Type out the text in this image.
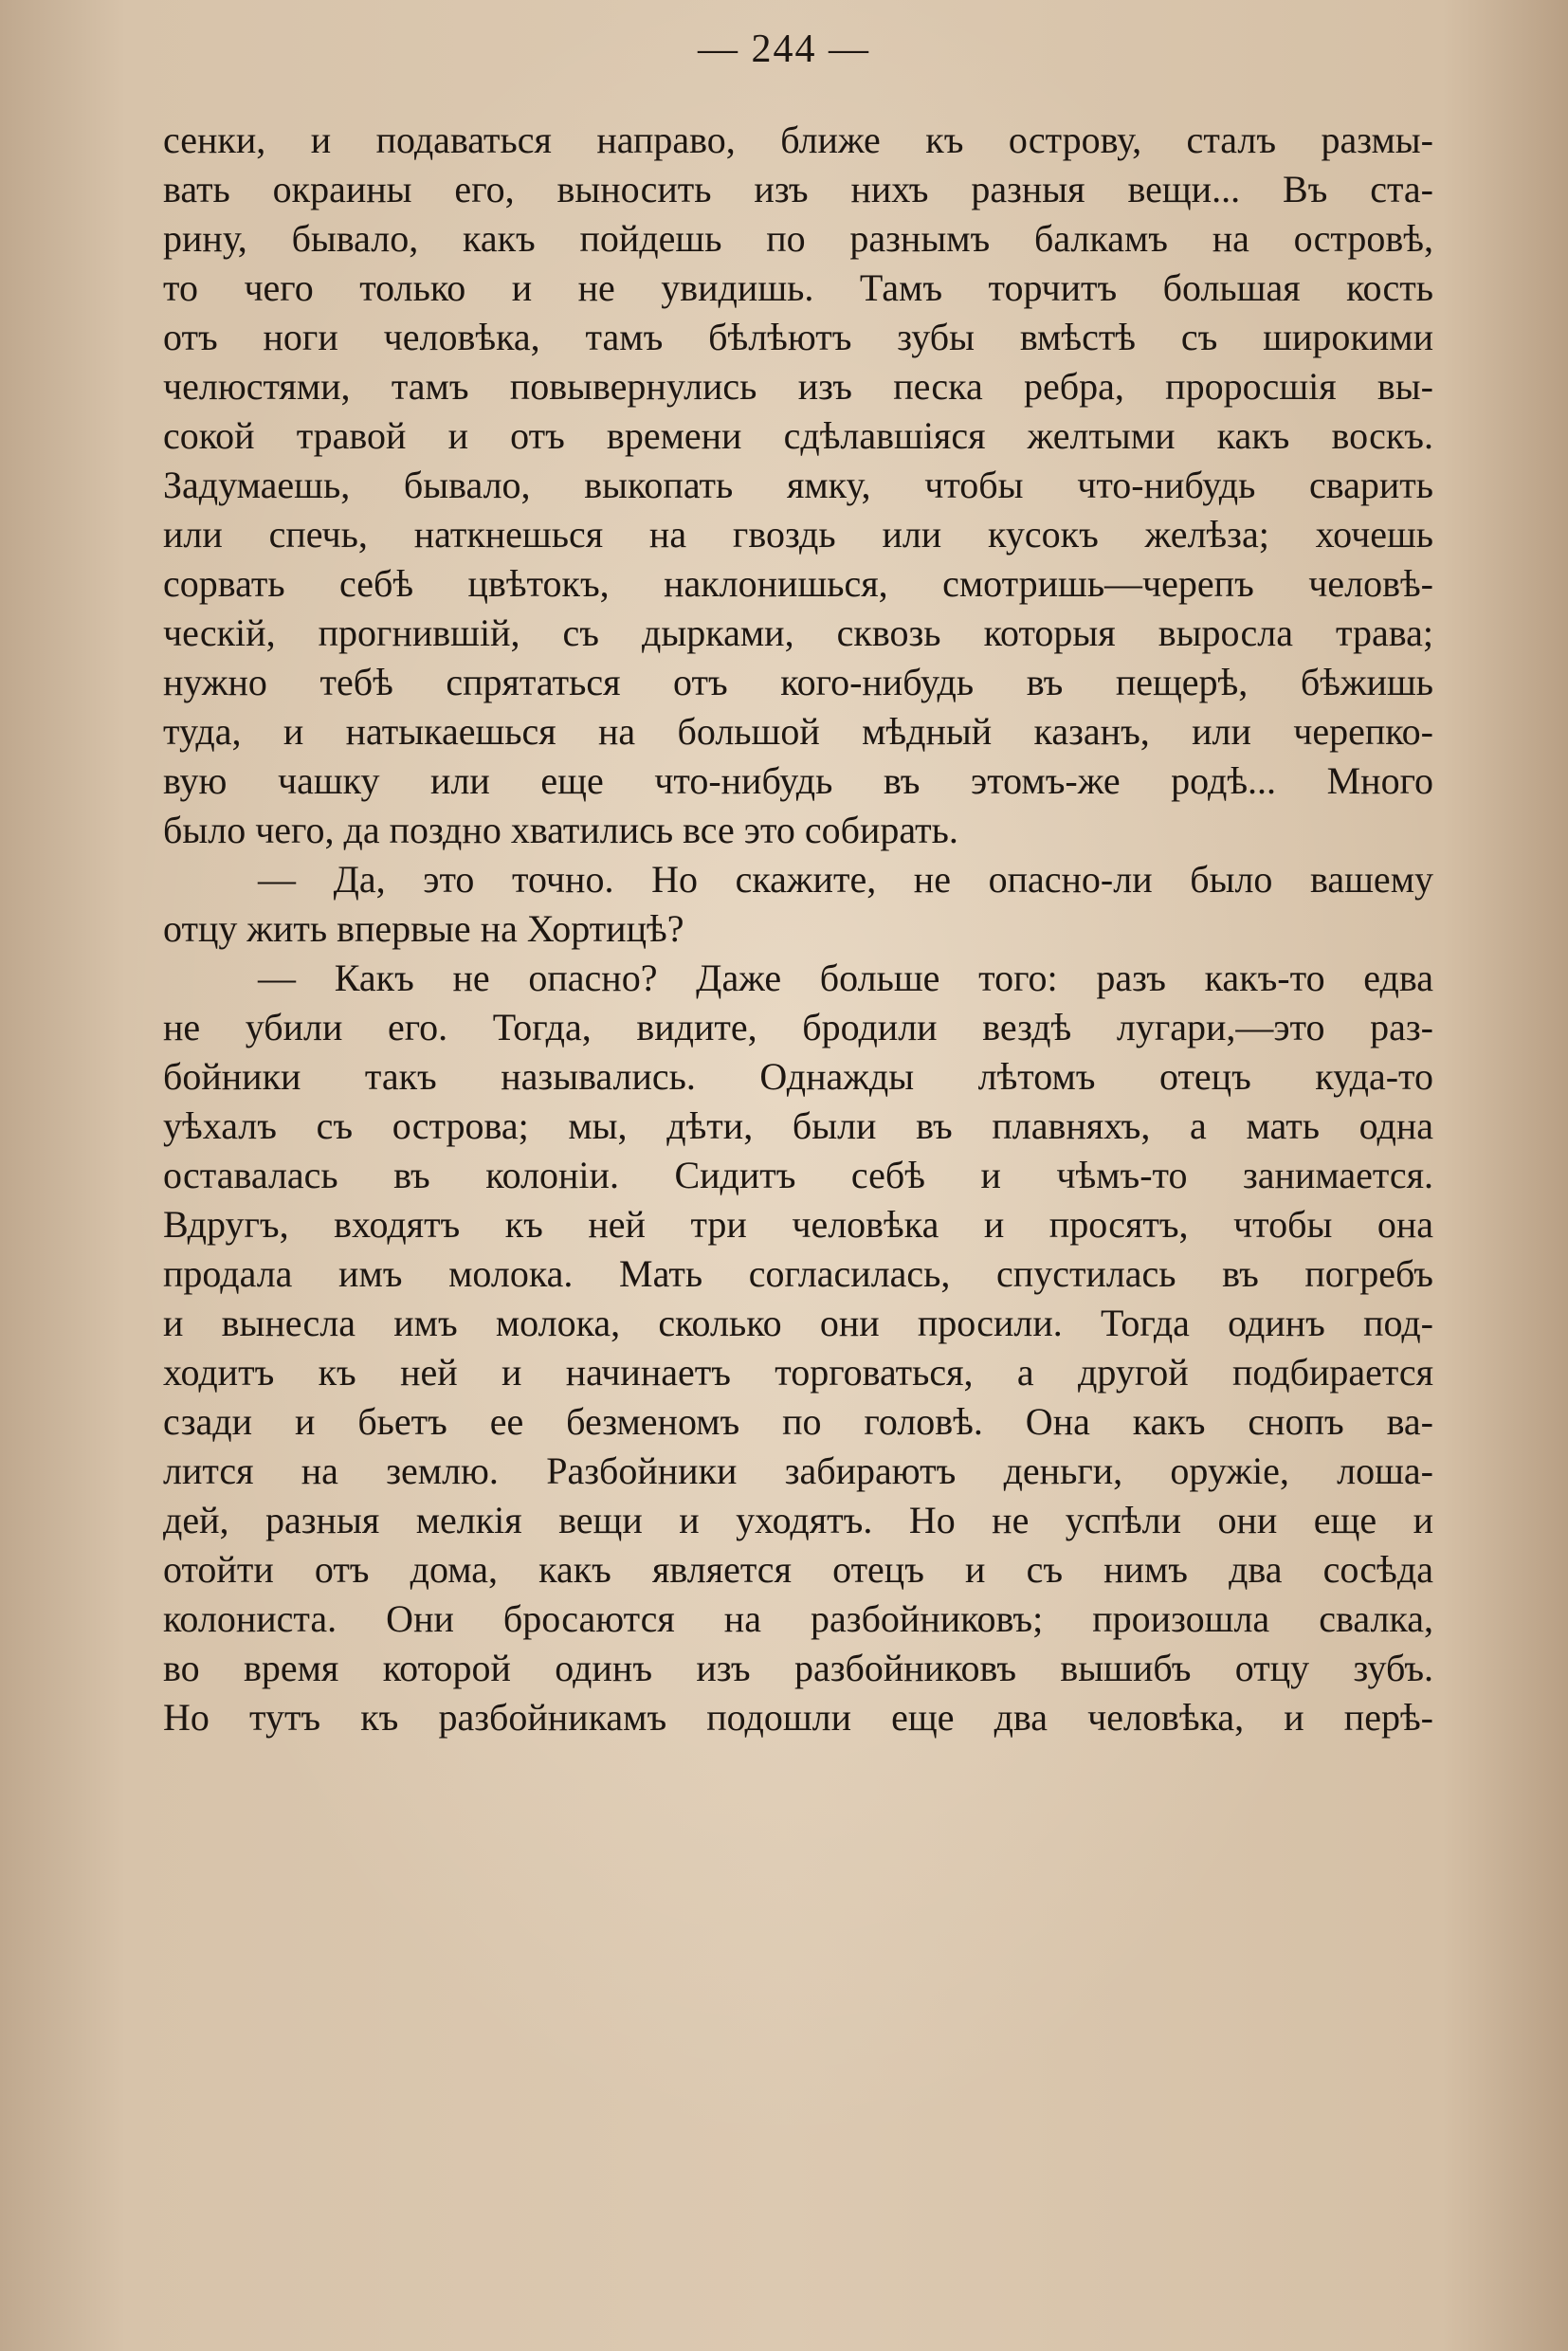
— 244 —
сенки, и подаваться направо, ближе къ острову, сталъ размы-
вать окраины его, выносить изъ нихъ разныя вещи... Въ ста-
рину, бывало, какъ пойдешь по разнымъ балкамъ на островѣ,
то чего только и не увидишь. Тамъ торчитъ большая кость
отъ ноги человѣка, тамъ бѣлѣютъ зубы вмѣстѣ съ широкими
челюстями, тамъ повывернулись изъ песка ребра, проросшія вы-
сокой травой и отъ времени сдѣлавшіяся желтыми какъ воскъ.
Задумаешь, бывало, выкопать ямку, чтобы что-нибудь сварить
или спечь, наткнешься на гвоздь или кусокъ желѣза; хочешь
сорвать себѣ цвѣтокъ, наклонишься, смотришь—черепъ человѣ-
ческій, прогнившій, съ дырками, сквозь которыя выросла трава;
нужно тебѣ спрятаться отъ кого-нибудь въ пещерѣ, бѣжишь
туда, и натыкаешься на большой мѣдный казанъ, или черепко-
вую чашку или еще что-нибудь въ этомъ-же родѣ... Много
было чего, да поздно хватились все это собирать.
— Да, это точно. Но скажите, не опасно-ли было вашему
отцу жить впервые на Хортицѣ?
— Какъ не опасно? Даже больше того: разъ какъ-то едва
не убили его. Тогда, видите, бродили вездѣ лугари,—это раз-
бойники такъ назывались. Однажды лѣтомъ отецъ куда-то
уѣхалъ съ острова; мы, дѣти, были въ плавняхъ, а мать одна
оставалась въ колоніи. Сидитъ себѣ и чѣмъ-то занимается.
Вдругъ, входятъ къ ней три человѣка и просятъ, чтобы она
продала имъ молока. Мать согласилась, спустилась въ погребъ
и вынесла имъ молока, сколько они просили. Тогда одинъ под-
ходитъ къ ней и начинаетъ торговаться, а другой подбирается
сзади и бьетъ ее безменомъ по головѣ. Она какъ снопъ ва-
лится на землю. Разбойники забираютъ деньги, оружіе, лоша-
дей, разныя мелкія вещи и уходятъ. Но не успѣли они еще и
отойти отъ дома, какъ является отецъ и съ нимъ два сосѣда
колониста. Они бросаются на разбойниковъ; произошла свалка,
во время которой одинъ изъ разбойниковъ вышибъ отцу зубъ.
Но тутъ къ разбойникамъ подошли еще два человѣка, и перѣ-
